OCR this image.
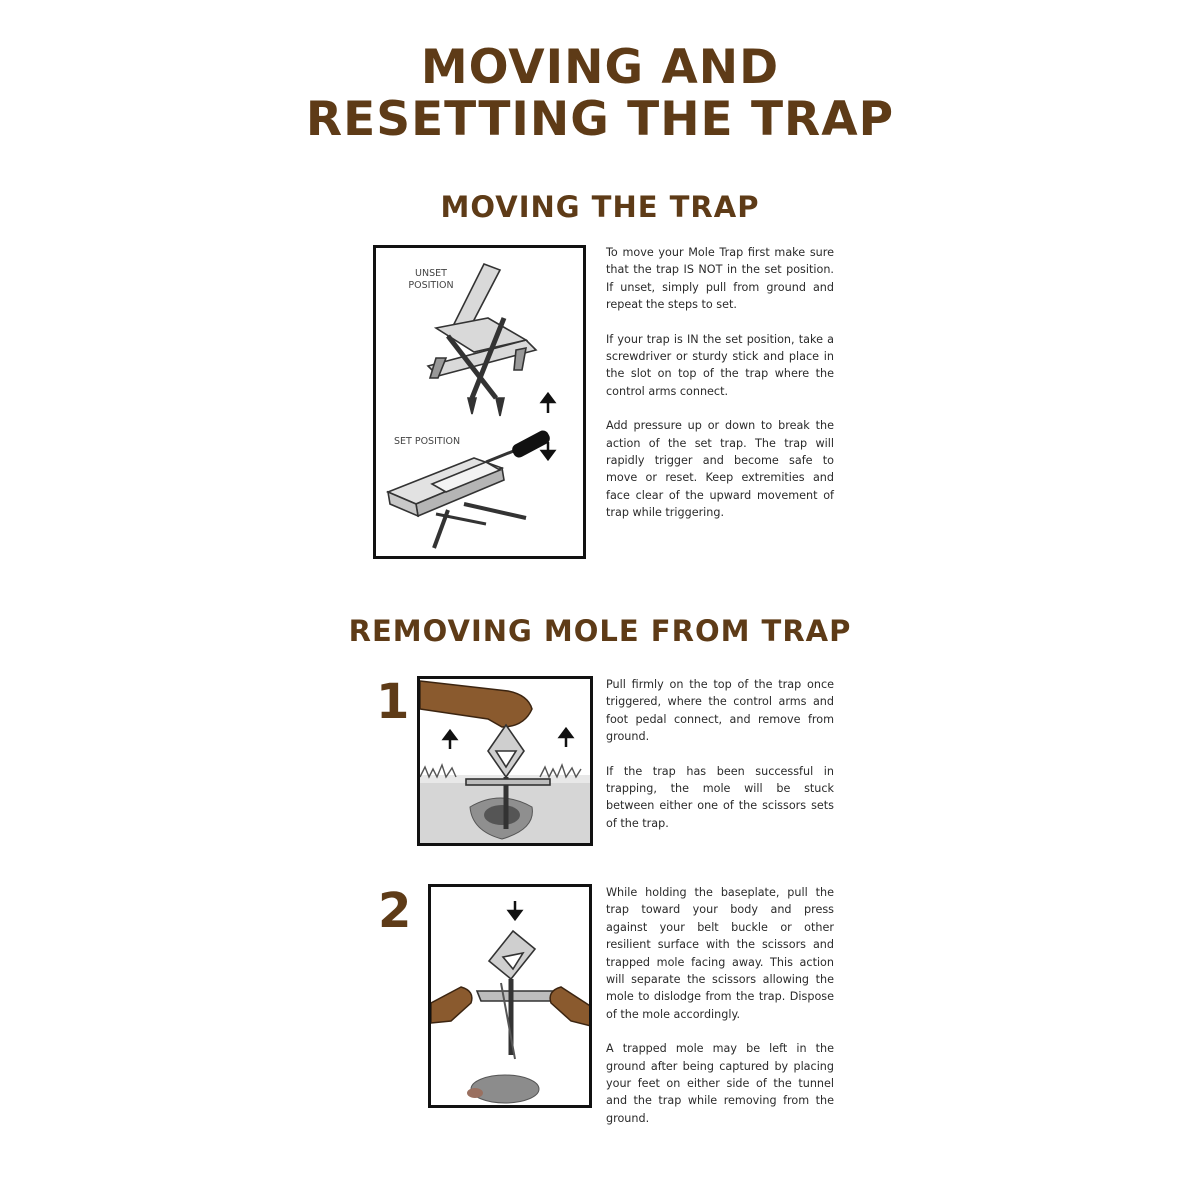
MOVING AND
RESETTING THE TRAP
MOVING THE TRAP
UNSET
POSITION
SET POSITION

To move your Mole Trap first make sure that the trap IS NOT in the set position. If unset, simply pull from ground and repeat the steps to set.

If your trap is IN the set position, take a screwdriver or sturdy stick and place in the slot on top of the trap where the control arms connect.

Add pressure up or down to break the action of the set trap. The trap will rapidly trigger and become safe to move or reset. Keep extremities and face clear of the upward movement of trap while triggering.

REMOVING MOLE FROM TRAP
1	Pull firmly on the top of the trap once triggered, where the control arms and foot pedal connect, and remove from ground.

If the trap has been successful in trapping, the mole will be stuck between either one of the scissors sets of the trap.

2	While holding the baseplate, pull the trap toward your body and press against your belt buckle or other resilient surface with the scissors and trapped mole facing away. This action will separate the scissors allowing the mole to dislodge from the trap. Dispose of the mole accordingly.

A trapped mole may be left in the ground after being captured by placing your feet on either side of the tunnel and the trap while removing from the ground.
